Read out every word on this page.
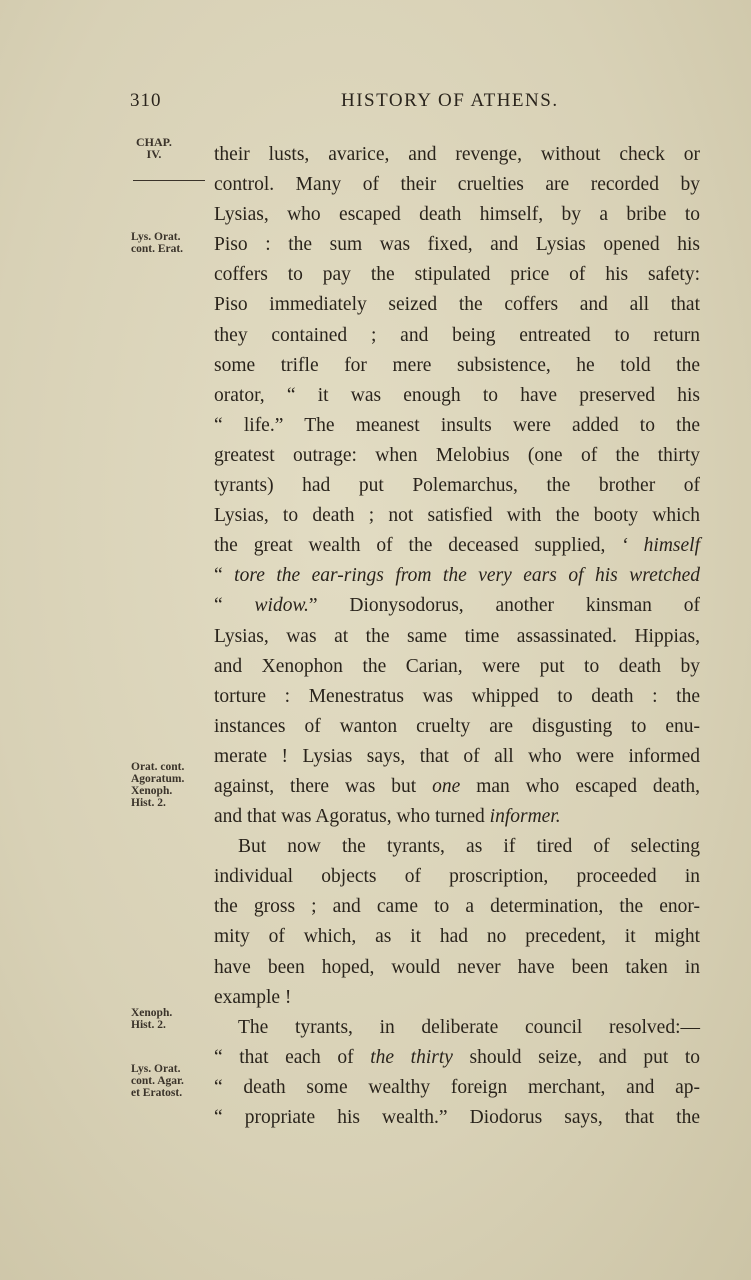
310	HISTORY OF ATHENS.
CHAP.
IV.
Lys. Orat.
cont. Erat.
Orat. cont.
Agoratum.
Xenoph.
Hist. 2.
Xenoph.
Hist. 2.
Lys. Orat.
cont. Agar.
et Eratost.
their lusts, avarice, and revenge, without check or
control. Many of their cruelties are recorded by
Lysias, who escaped death himself, by a bribe to
Piso : the sum was fixed, and Lysias opened his
coffers to pay the stipulated price of his safety:
Piso immediately seized the coffers and all that
they contained ; and being entreated to return
some trifle for mere subsistence, he told the
orator, “ it was enough to have preserved his
“ life.” The meanest insults were added to the
greatest outrage: when Melobius (one of the thirty
tyrants) had put Polemarchus, the brother of
Lysias, to death ; not satisfied with the booty which
the great wealth of the deceased supplied, ‘ himself
“ tore the ear-rings from the very ears of his wretched
“ widow.” Dionysodorus, another kinsman of
Lysias, was at the same time assassinated. Hippias,
and Xenophon the Carian, were put to death by
torture : Menestratus was whipped to death : the
instances of wanton cruelty are disgusting to enu-
merate ! Lysias says, that of all who were informed
against, there was but one man who escaped death,
and that was Agoratus, who turned informer.
But now the tyrants, as if tired of selecting
individual objects of proscription, proceeded in
the gross ; and came to a determination, the enor-
mity of which, as it had no precedent, it might
have been hoped, would never have been taken in
example !
The tyrants, in deliberate council resolved:—
“ that each of the thirty should seize, and put to
“ death some wealthy foreign merchant, and ap-
“ propriate his wealth.” Diodorus says, that the
